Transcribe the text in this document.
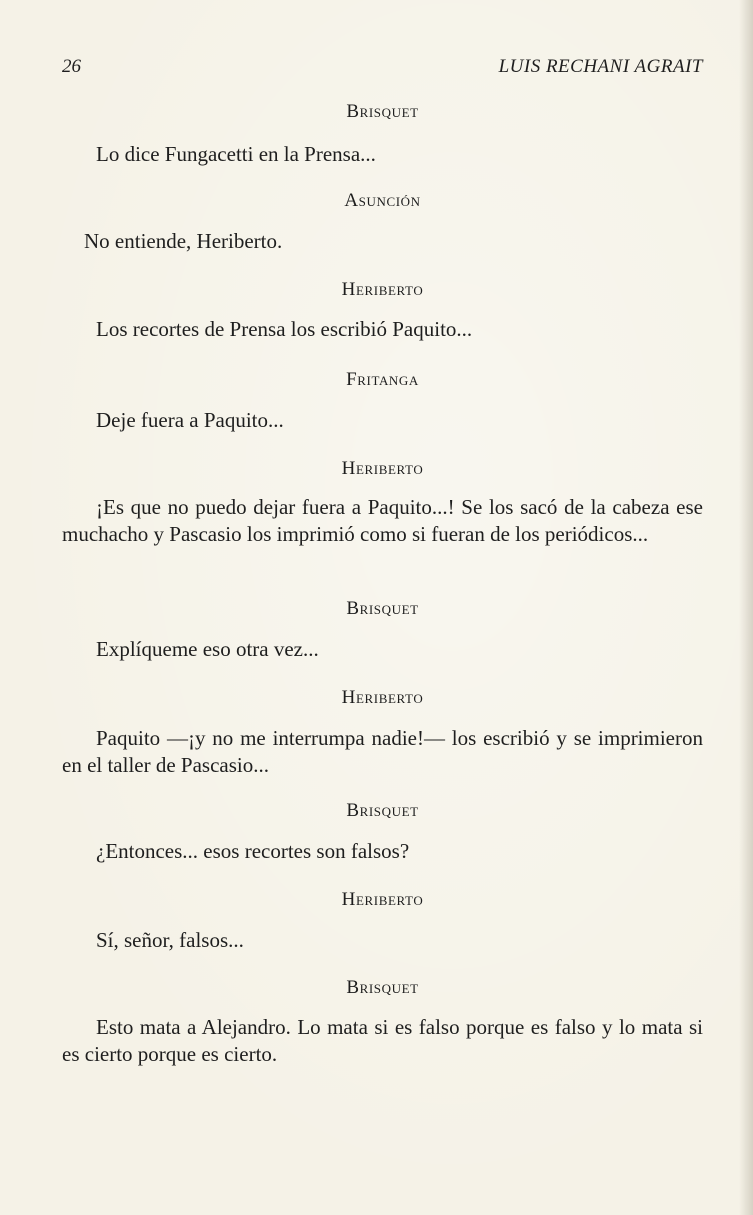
26	LUIS RECHANI AGRAIT
Brisquet
Lo dice Fungacetti en la Prensa...
Asunción
No entiende, Heriberto.
Heriberto
Los recortes de Prensa los escribió Paquito...
Fritanga
Deje fuera a Paquito...
Heriberto
¡Es que no puedo dejar fuera a Paquito...! Se los sacó de la cabeza ese muchacho y Pascasio los imprimió como si fueran de los periódicos...
Brisquet
Explíqueme eso otra vez...
Heriberto
Paquito —¡y no me interrumpa nadie!— los escribió y se imprimieron en el taller de Pascasio...
Brisquet
¿Entonces... esos recortes son falsos?
Heriberto
Sí, señor, falsos...
Brisquet
Esto mata a Alejandro. Lo mata si es falso porque es falso y lo mata si es cierto porque es cierto.
